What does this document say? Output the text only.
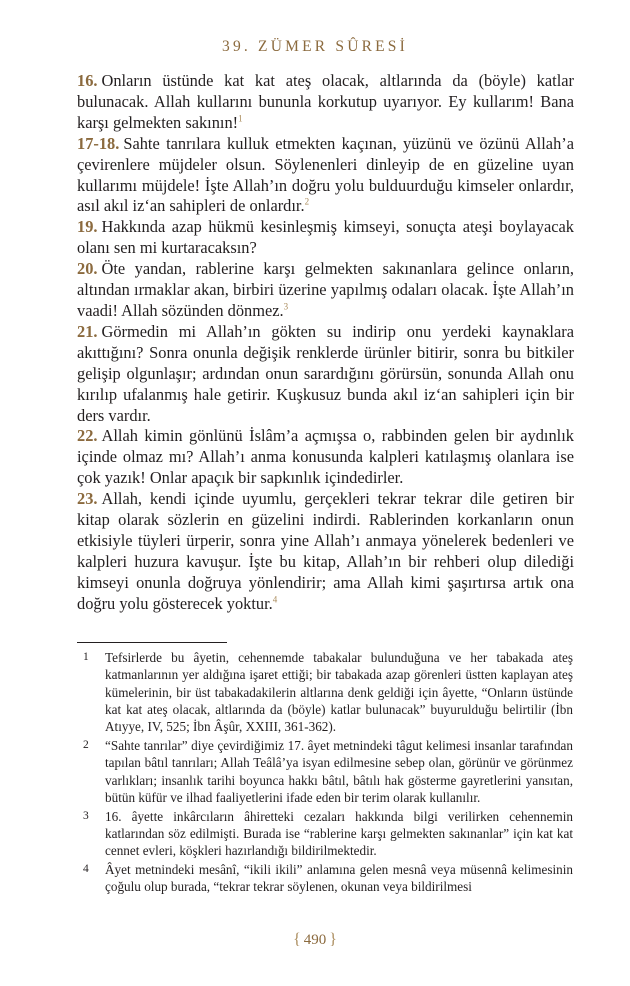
39. ZÜMER SÛRESİ

16. Onların üstünde kat kat ateş olacak, altlarında da (böyle) katlar bulunacak. Allah kullarını bununla korkutup uyarıyor. Ey kullarım! Bana karşı gelmekten sakının!$^1$

17-18. Sahte tanrılara kulluk etmekten kaçınan, yüzünü ve özünü Allah’a çevirenlere müjdeler olsun. Söylenenleri dinleyip de en güzeline uyan kullarımı müjdele! İşte Allah’ın doğru yolu bulduurduğu kimseler onlardır, asıl akıl iz‘an sahipleri de onlardır.$^2$

19. Hakkında azap hükmü kesinleşmiş kimseyi, sonuçta ateşi boylayacak olanı sen mi kurtaracaksın?

20. Öte yandan, rablerine karşı gelmekten sakınanlara gelince onların, altından ırmaklar akan, birbiri üzerine yapılmış odaları olacak. İşte Allah’ın vaadi! Allah sözünden dönmez.$^3$

21. Görmedin mi Allah’ın gökten su indirip onu yerdeki kaynaklara akıttığını? Sonra onunla değişik renklerde ürünler bitirir, sonra bu bitkiler gelişip olgunlaşır; ardından onun sarardığını görürsün, sonunda Allah onu kırılıp ufalanmış hale getirir. Kuşkusuz bunda akıl iz‘an sahipleri için bir ders vardır.

22. Allah kimin gönlünü İslâm’a açmışsa o, rabbinden gelen bir aydınlık içinde olmaz mı? Allah’ı anma konusunda kalpleri katılaşmış olanlara ise çok yazık! Onlar apaçık bir sapkınlık içindedirler.

23. Allah, kendi içinde uyumlu, gerçekleri tekrar tekrar dile getiren bir kitap olarak sözlerin en güzelini indirdi. Rablerinden korkanların onun etkisiyle tüyleri ürperir, sonra yine Allah’ı anmaya yönelerek bedenleri ve kalpleri huzura kavuşur. İşte bu kitap, Allah’ın bir rehberi olup dilediği kimseyi onunla doğruya yönlendirir; ama Allah kimi şaşırtırsa artık ona doğru yolu gösterecek yoktur.$^4$

1	Tefsirlerde bu âyetin, cehennemde tabakalar bulunduğuna ve her tabakada ateş katmanlarının yer aldığına işaret ettiği; bir tabakada azap görenleri üstten kaplayan ateş kümelerinin, bir üst tabakadakilerin altlarına denk geldiği için âyette, “Onların üstünde kat kat ateş olacak, altlarında da (böyle) katlar bulunacak” buyurulduğu belirtilir (İbn Atıyye, IV, 525; İbn Âşûr, XXIII, 361-362).
2	“Sahte tanrılar” diye çevirdiğimiz 17. âyet metnindeki tâgut kelimesi insanlar tarafından tapılan bâtıl tanrıları; Allah Teâlâ’ya isyan edilmesine sebep olan, görünür ve görünmez varlıkları; insanlık tarihi boyunca hakkı bâtıl, bâtılı hak gösterme gayretlerini yansıtan, bütün küfür ve ilhad faaliyetlerini ifade eden bir terim olarak kullanılır.
3	16. âyette inkârcıların âhiretteki cezaları hakkında bilgi verilirken cehennemin katlarından söz edilmişti. Burada ise “rablerine karşı gelmekten sakınanlar” için kat kat cennet evleri, köşkleri hazırlandığı bildirilmektedir.
4	Âyet metnindeki mesânî, “ikili ikili” anlamına gelen mesnâ veya müsennâ kelimesinin çoğulu olup burada, “tekrar tekrar söylenen, okunan veya bildirilmesi
{ 490 }
